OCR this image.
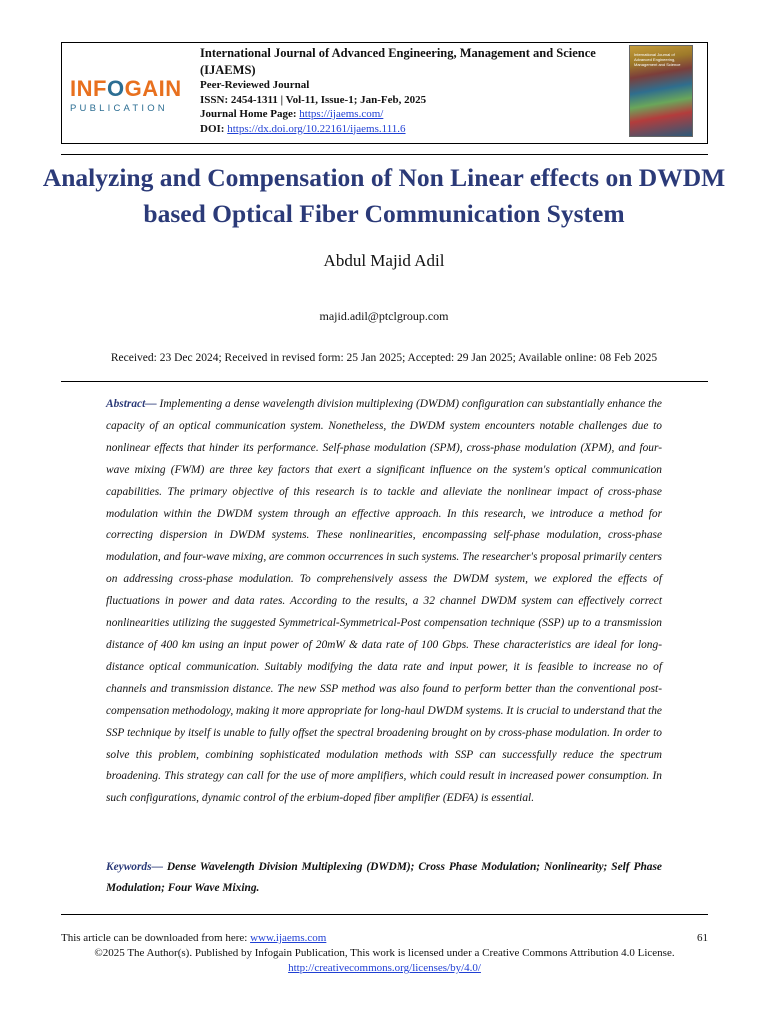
INFOGAIN
PUBLICATION
International Journal of Advanced Engineering, Management and Science (IJAEMS)
Peer-Reviewed Journal
ISSN: 2454-1311 | Vol-11, Issue-1; Jan-Feb, 2025
Journal Home Page: https://ijaems.com/
DOI: https://dx.doi.org/10.22161/ijaems.111.6
International Journal of Advanced Engineering, Management and Science
Analyzing and Compensation of Non Linear effects on DWDM based Optical Fiber Communication System
Abdul Majid Adil
majid.adil@ptclgroup.com
Received: 23 Dec 2024; Received in revised form: 25 Jan 2025; Accepted: 29 Jan 2025; Available online: 08 Feb 2025
Abstract— Implementing a dense wavelength division multiplexing (DWDM) configuration can substantially enhance the capacity of an optical communication system. Nonetheless, the DWDM system encounters notable challenges due to nonlinear effects that hinder its performance. Self-phase modulation (SPM), cross-phase modulation (XPM), and four-wave mixing (FWM) are three key factors that exert a significant influence on the system's optical communication capabilities. The primary objective of this research is to tackle and alleviate the nonlinear impact of cross-phase modulation within the DWDM system through an effective approach. In this research, we introduce a method for correcting dispersion in DWDM systems. These nonlinearities, encompassing self-phase modulation, cross-phase modulation, and four-wave mixing, are common occurrences in such systems. The researcher's proposal primarily centers on addressing cross-phase modulation. To comprehensively assess the DWDM system, we explored the effects of fluctuations in power and data rates. According to the results, a 32 channel DWDM system can effectively correct nonlinearities utilizing the suggested Symmetrical-Symmetrical-Post compensation technique (SSP) up to a transmission distance of 400 km using an input power of 20mW & data rate of 100 Gbps. These characteristics are ideal for long-distance optical communication. Suitably modifying the data rate and input power, it is feasible to increase no of channels and transmission distance. The new SSP method was also found to perform better than the conventional post-compensation methodology, making it more appropriate for long-haul DWDM systems. It is crucial to understand that the SSP technique by itself is unable to fully offset the spectral broadening brought on by cross-phase modulation. In order to solve this problem, combining sophisticated modulation methods with SSP can successfully reduce the spectrum broadening. This strategy can call for the use of more amplifiers, which could result in increased power consumption. In such configurations, dynamic control of the erbium-doped fiber amplifier (EDFA) is essential.
Keywords— Dense Wavelength Division Multiplexing (DWDM); Cross Phase Modulation; Nonlinearity; Self Phase Modulation; Four Wave Mixing.
This article can be downloaded from here: www.ijaems.com	61
©2025 The Author(s). Published by Infogain Publication, This work is licensed under a Creative Commons Attribution 4.0 License. http://creativecommons.org/licenses/by/4.0/
